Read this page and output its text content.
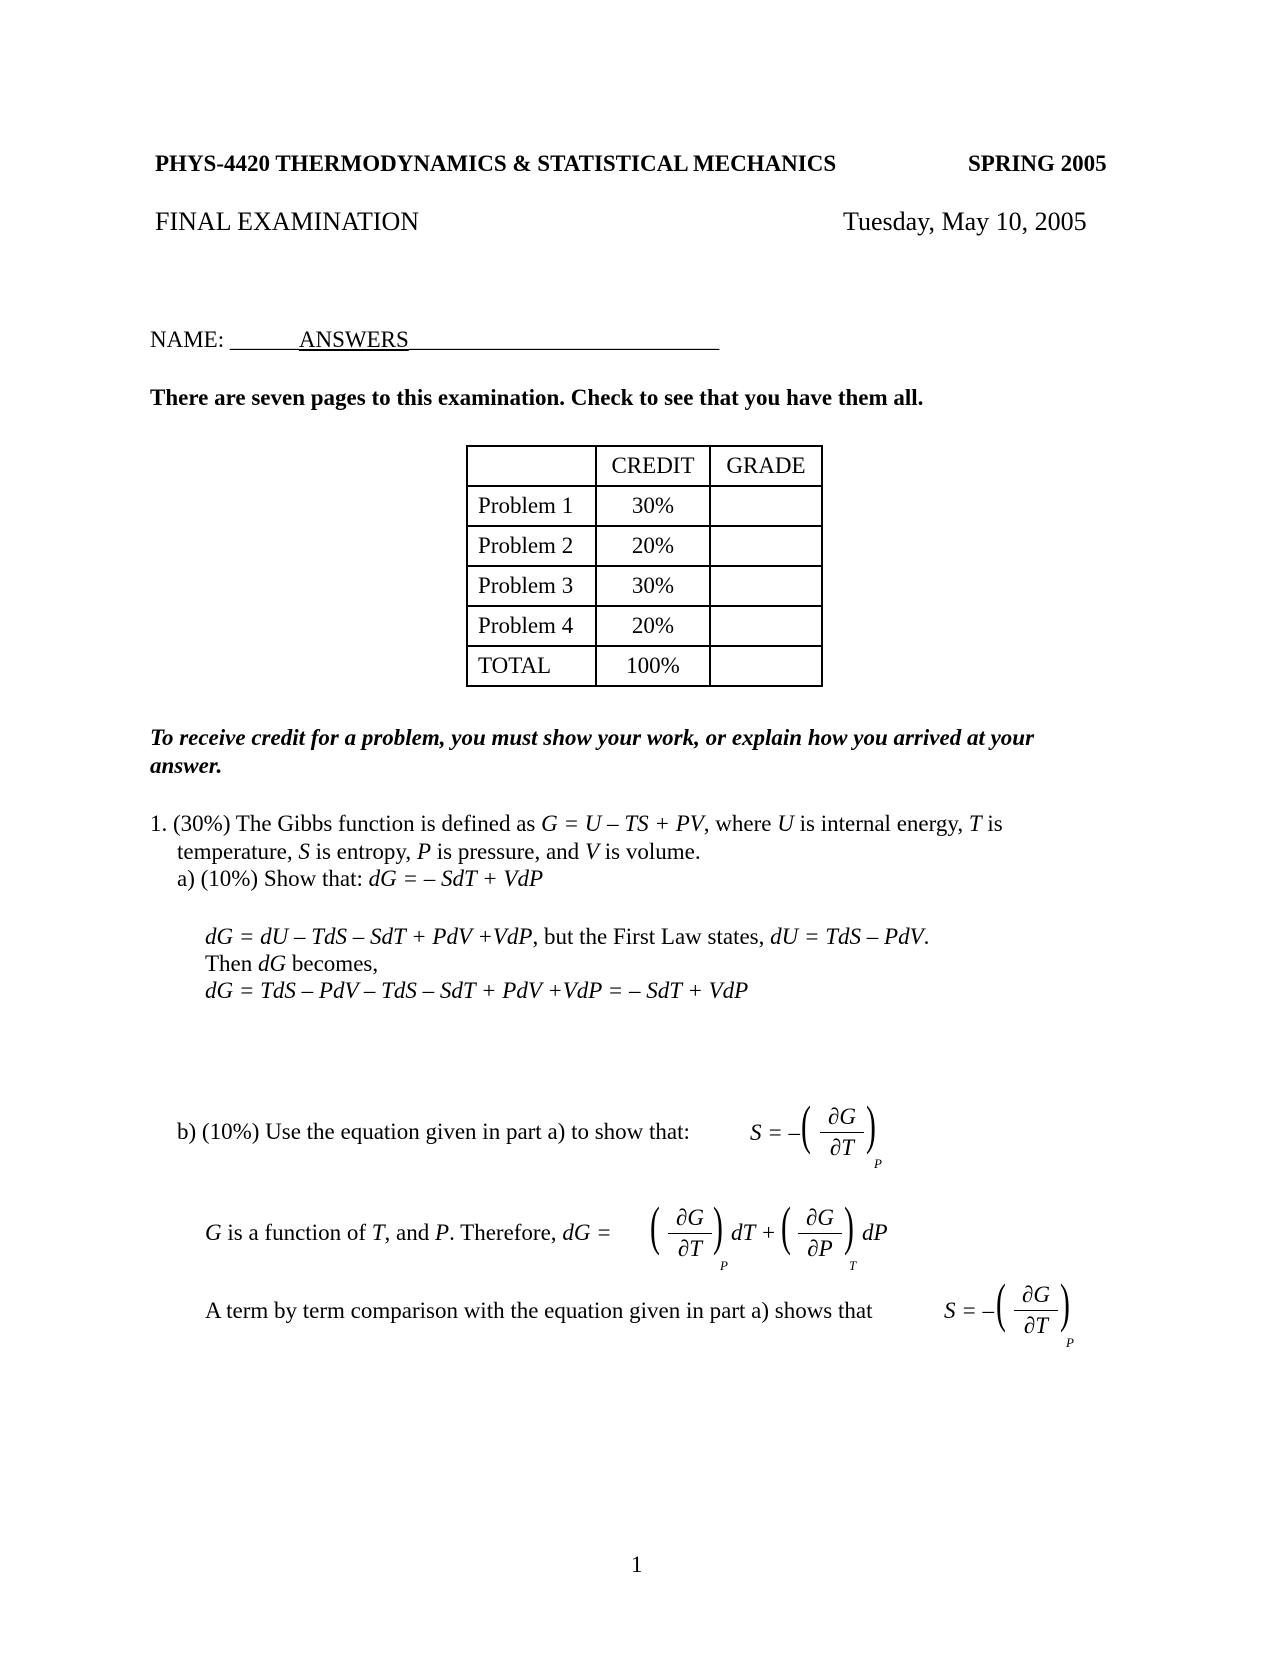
PHYS-4420 THERMODYNAMICS & STATISTICAL MECHANICS	SPRING 2005
FINAL EXAMINATION	Tuesday, May 10, 2005
NAME: ______ANSWERS___________________________
There are seven pages to this examination. Check to see that you have them all.
	CREDIT	GRADE
Problem 1	30%	
Problem 2	20%	
Problem 3	30%	
Problem 4	20%	
TOTAL	100%	
To receive credit for a problem, you must show your work, or explain how you arrived at your
answer.
1. (30%) The Gibbs function is defined as G = U – TS + PV, where U is internal energy, T is
temperature, S is entropy, P is pressure, and V is volume.
a) (10%) Show that: dG = – SdT + VdP
dG = dU – TdS – SdT + PdV +VdP, but the First Law states, dU = TdS – PdV.
Then dG becomes,
dG = TdS – PdV – TdS – SdT + PdV +VdP = – SdT + VdP
b) (10%) Use the equation given in part a) to show that:	S = – ( ∂G
∂T )
P
G is a function of T, and P. Therefore, dG = ( ∂G
∂T )
P
dT + ( ∂G
∂P )
T
dP
A term by term comparison with the equation given in part a) shows that	S = – ( ∂G
∂T )
P
1
